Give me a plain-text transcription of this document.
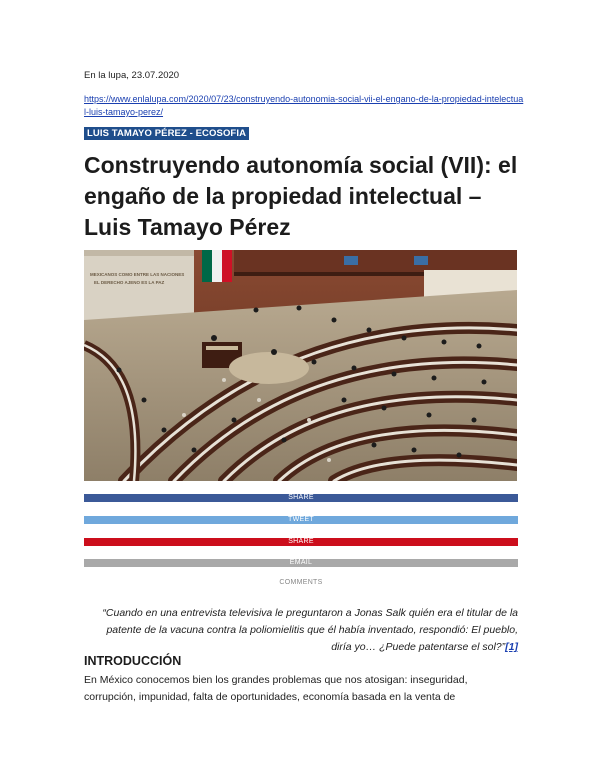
En la lupa, 23.07.2020
https://www.enlalupa.com/2020/07/23/construyendo-autonomia-social-vii-el-engano-de-la-propiedad-intelectual-luis-tamayo-perez/
LUIS TAMAYO PÉREZ - ECOSOFIA
Construyendo autonomía social (VII): el engaño de la propiedad intelectual – Luis Tamayo Pérez
MEXICANOS COMO ENTRE LAS NACIONES
EL DERECHO AJENO ES LA PAZ
SHARE
TWEET
SHARE
EMAIL
COMMENTS

“Cuando en una entrevista televisiva le preguntaron a Jonas Salk quién era el titular de la patente de la vacuna contra la poliomielitis que él había inventado, respondió: El pueblo, diría yo… ¿Puede patentarse el sol?”[1]

INTRODUCCIÓN

En México conocemos bien los grandes problemas que nos atosigan: inseguridad, corrupción, impunidad, falta de oportunidades, economía basada en la venta de
